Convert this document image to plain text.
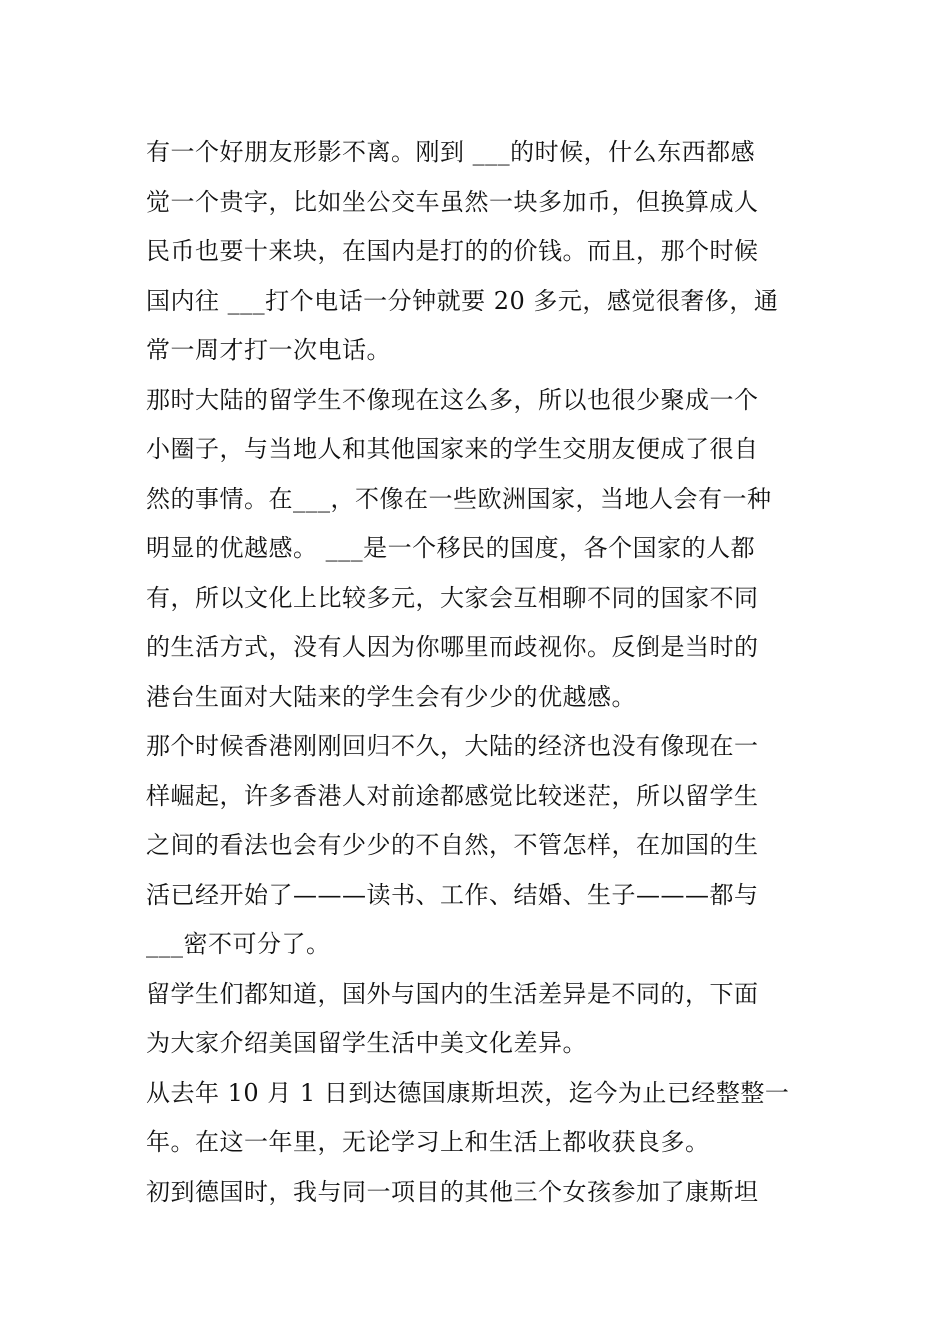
有一个好朋友形影不离。刚到 ___的时候，什么东西都感
觉一个贵字，比如坐公交车虽然一块多加币，但换算成人
民币也要十来块，在国内是打的的价钱。而且，那个时候
国内往 ___打个电话一分钟就要 20 多元，感觉很奢侈，通
常一周才打一次电话。
那时大陆的留学生不像现在这么多，所以也很少聚成一个
小圈子，与当地人和其他国家来的学生交朋友便成了很自
然的事情。在___，不像在一些欧洲国家，当地人会有一种
明显的优越感。 ___是一个移民的国度，各个国家的人都
有，所以文化上比较多元，大家会互相聊不同的国家不同
的生活方式，没有人因为你哪里而歧视你。反倒是当时的
港台生面对大陆来的学生会有少少的优越感。
那个时候香港刚刚回归不久，大陆的经济也没有像现在一
样崛起，许多香港人对前途都感觉比较迷茫，所以留学生
之间的看法也会有少少的不自然，不管怎样，在加国的生
活已经开始了———读书、工作、结婚、生子———都与
___密不可分了。
留学生们都知道，国外与国内的生活差异是不同的，下面
为大家介绍美国留学生活中美文化差异。
从去年 10 月 1 日到达德国康斯坦茨，迄今为止已经整整一
年。在这一年里，无论学习上和生活上都收获良多。
初到德国时，我与同一项目的其他三个女孩参加了康斯坦
